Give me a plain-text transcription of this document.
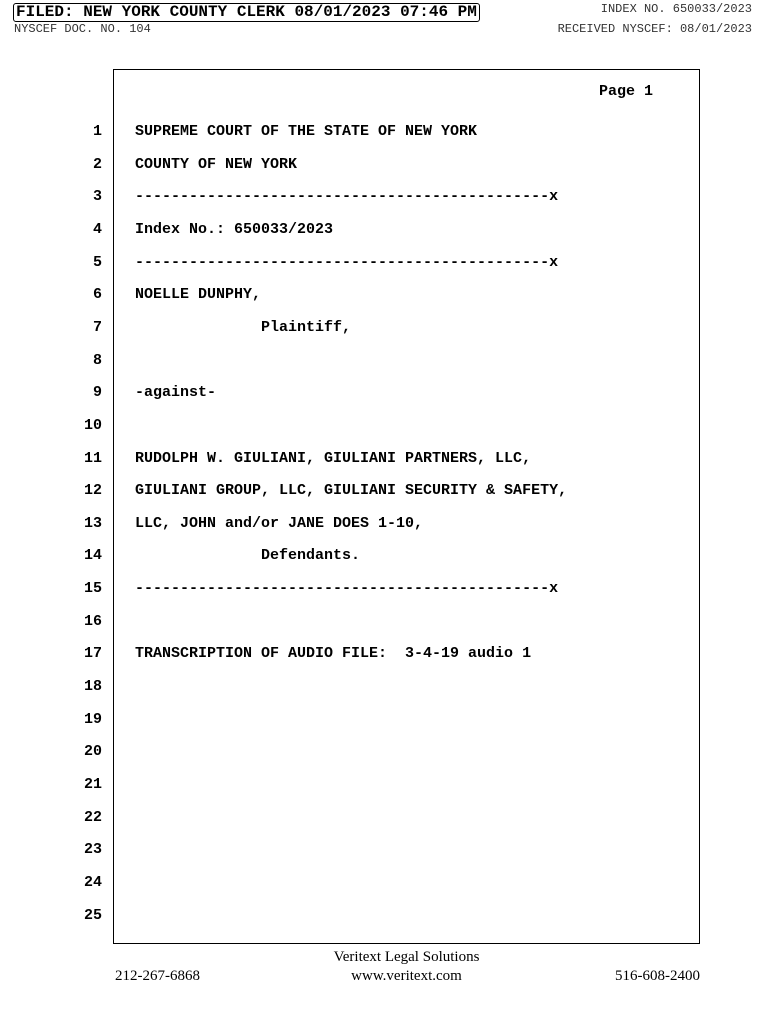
FILED: NEW YORK COUNTY CLERK 08/01/2023 07:46 PM
NYSCEF DOC. NO. 104
INDEX NO. 650033/2023
RECEIVED NYSCEF: 08/01/2023
Page 1
1 SUPREME COURT OF THE STATE OF NEW YORK
2 COUNTY OF NEW YORK
3 ----------------------------------------------x
4 Index No.: 650033/2023
5 ----------------------------------------------x
6 NOELLE DUNPHY,
7 Plaintiff,
8
9 -against-
10
11 RUDOLPH W. GIULIANI, GIULIANI PARTNERS, LLC,
12 GIULIANI GROUP, LLC, GIULIANI SECURITY & SAFETY,
13 LLC, JOHN and/or JANE DOES 1-10,
14 Defendants.
15 ----------------------------------------------x
16
17 TRANSCRIPTION OF AUDIO FILE:  3-4-19 audio 1
18
19
20
21
22
23
24
25
Veritext Legal Solutions
212-267-6868	www.veritext.com	516-608-2400
